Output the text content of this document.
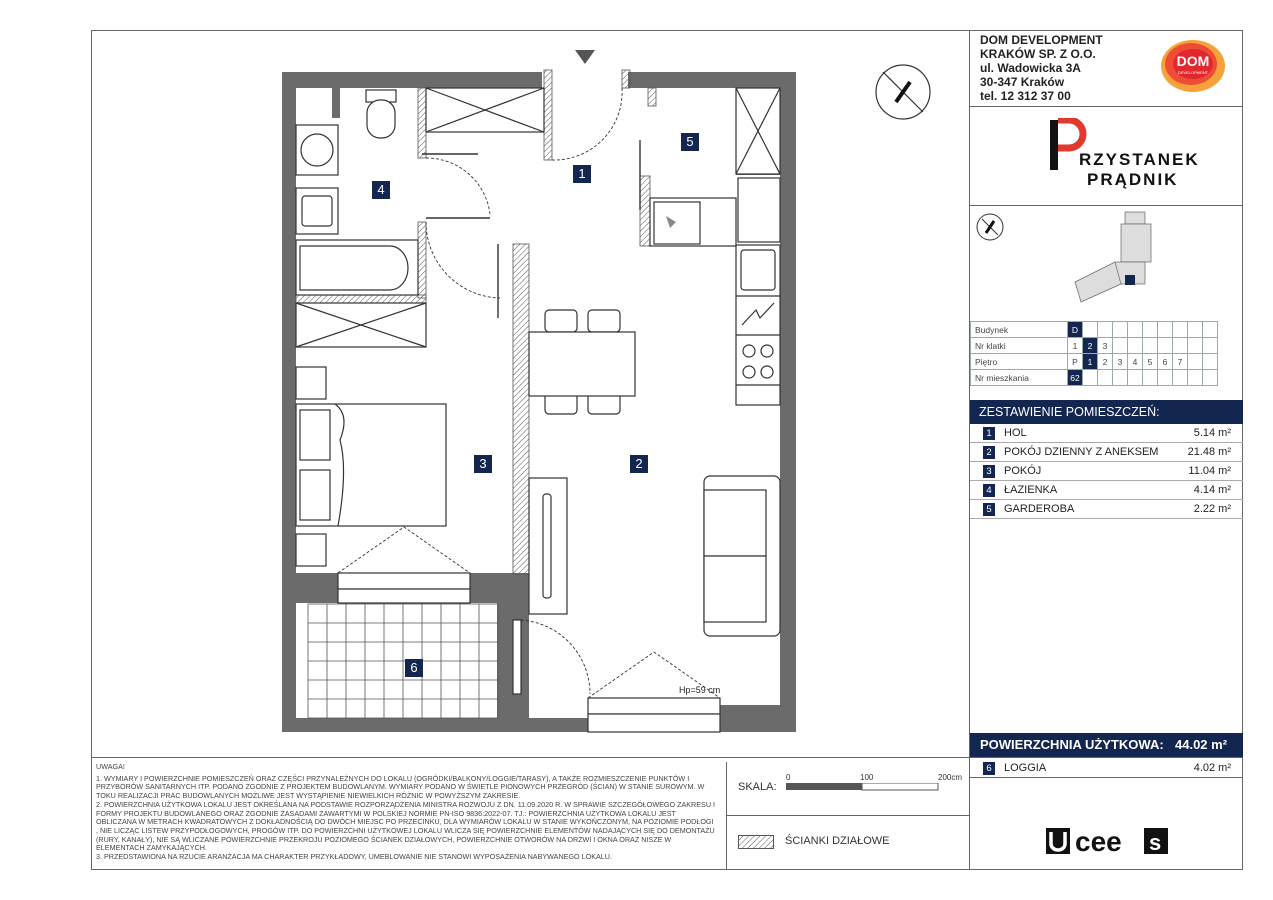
1
2
3
4
5
6
Hp=59 cm
DOM DEVELOPMENT
KRAKÓW SP. Z O.O.
ul. Wadowicka 3A
30-347 Kraków
tel. 12 312 37 00
DOM
DEVELOPMENT
RZYSTANEK
PRĄDNIK
Budynek	D									
Nr klatki	1	2	3							
Piętro	P	1	2	3	4	5	6	7		
Nr mieszkania	62									
ZESTAWIENIE POMIESZCZEŃ:
1	HOL	5.14 m²
2	POKÓJ DZIENNY Z ANEKSEM	21.48 m²
3	POKÓJ	11.04 m²
4	ŁAZIENKA	4.14 m²
5	GARDEROBA	2.22 m²
POWIERZCHNIA UŻYTKOWA: 44.02 m²
6	LOGGIA	4.02 m²
UWAGA!

1. WYMIARY I POWIERZCHNIE POMIESZCZEŃ ORAZ CZĘŚCI PRZYNALEŻNYCH DO LOKALU (OGRÓDKI/BALKONY/LOGGIE/TARASY), A TAKŻE ROZMIESZCZENIE PUNKTÓW I PRZYBORÓW SANITARNYCH ITP. PODANO ZGODNIE Z PROJEKTEM BUDOWLANYM. WYMIARY PODANO W ŚWIETLE PIONOWYCH PRZEGRÓD (ŚCIAN) W STANIE SUROWYM. W TOKU REALIZACJI PRAC BUDOWLANYCH MOŻLIWE JEST WYSTĄPIENIE NIEWIELKICH RÓŻNIC W POWYŻSZYM ZAKRESIE.

2. POWIERZCHNIA UŻYTKOWA LOKALU JEST OKREŚLANA NA PODSTAWIE ROZPORZĄDZENIA MINISTRA ROZWOJU Z DN. 11.09.2020 R. W SPRAWIE SZCZEGÓŁOWEGO ZAKRESU I FORMY PROJEKTU BUDOWLANEGO ORAZ ZGODNIE ZASADAMI ZAWARTYMI W POLSKIEJ NORMIE PN-ISO 9836:2022-07. TJ.: POWIERZCHNIA UŻYTKOWA LOKALU JEST OBLICZANA W METRACH KWADRATOWYCH Z DOKŁADNOŚCIĄ DO DWÓCH MIEJSC PO PRZECINKU, DLA WYMIARÓW LOKALU W STANIE WYKOŃCZONYM, NA POZIOMIE PODŁOGI , NIE LICZĄC LISTEW PRZYPODŁOGOWYCH, PROGÓW ITP. DO POWIERZCHNI UŻYTKOWEJ LOKALU WLICZA SIĘ POWIERZCHNIE ELEMENTÓW NADAJĄCYCH SIĘ DO DEMONTAŻU (RURY, KANAŁY), NIE SĄ WLICZANE POWIERZCHNIE PRZEKROJU POZIOMEGO ŚCIANEK DZIAŁOWYCH, POWIERZCHNIE OTWORÓW NA DRZWI I OKNA ORAZ NISZE W ELEMENTACH ZAMYKAJĄCYCH.

3. PRZEDSTAWIONA NA RZUCIE ARANŻACJA MA CHARAKTER PRZYKŁADOWY, UMEBLOWANIE NIE STANOWI WYPOSAŻENIA NABYWANEGO LOKALU.

SKALA:
0	100	200cm
ŚCIANKI DZIAŁOWE	cee s
